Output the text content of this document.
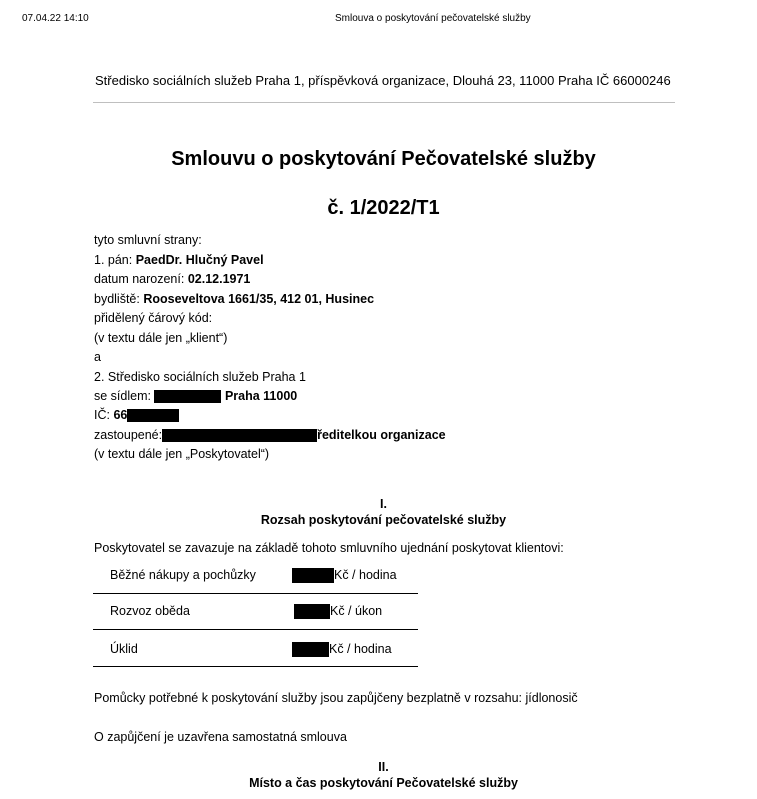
07.04.22 14:10	Smlouva o poskytování pečovatelské služby
Středisko sociálních služeb Praha 1, příspěvková organizace, Dlouhá 23, 11000 Praha IČ 66000246
Smlouvu o poskytování Pečovatelské služby
č. 1/2022/T1
tyto smluvní strany:
1. pán: PaedDr. Hlučný Pavel
datum narození: 02.12.1971
bydliště: Rooseveltova 1661/35, 412 01, Husinec
přidělený čárový kód:
(v textu dále jen „klient“)
a
2. Středisko sociálních služeb Praha 1
se sídlem:	Praha 11000
IČ: 66
zastoupené:	ředitelkou organizace
(v textu dále jen „Poskytovatel“)
I.
Rozsah poskytování pečovatelské služby
Poskytovatel se zavazuje na základě tohoto smluvního ujednání poskytovat klientovi:
Běžné nákupy a pochůzky	Kč / hodina
Rozvoz oběda	Kč / úkon
Úklid	Kč / hodina
Pomůcky potřebné k poskytování služby jsou zapůjčeny bezplatně v rozsahu: jídlonosič
O zapůjčení je uzavřena samostatná smlouva
II.
Místo a čas poskytování Pečovatelské služby
